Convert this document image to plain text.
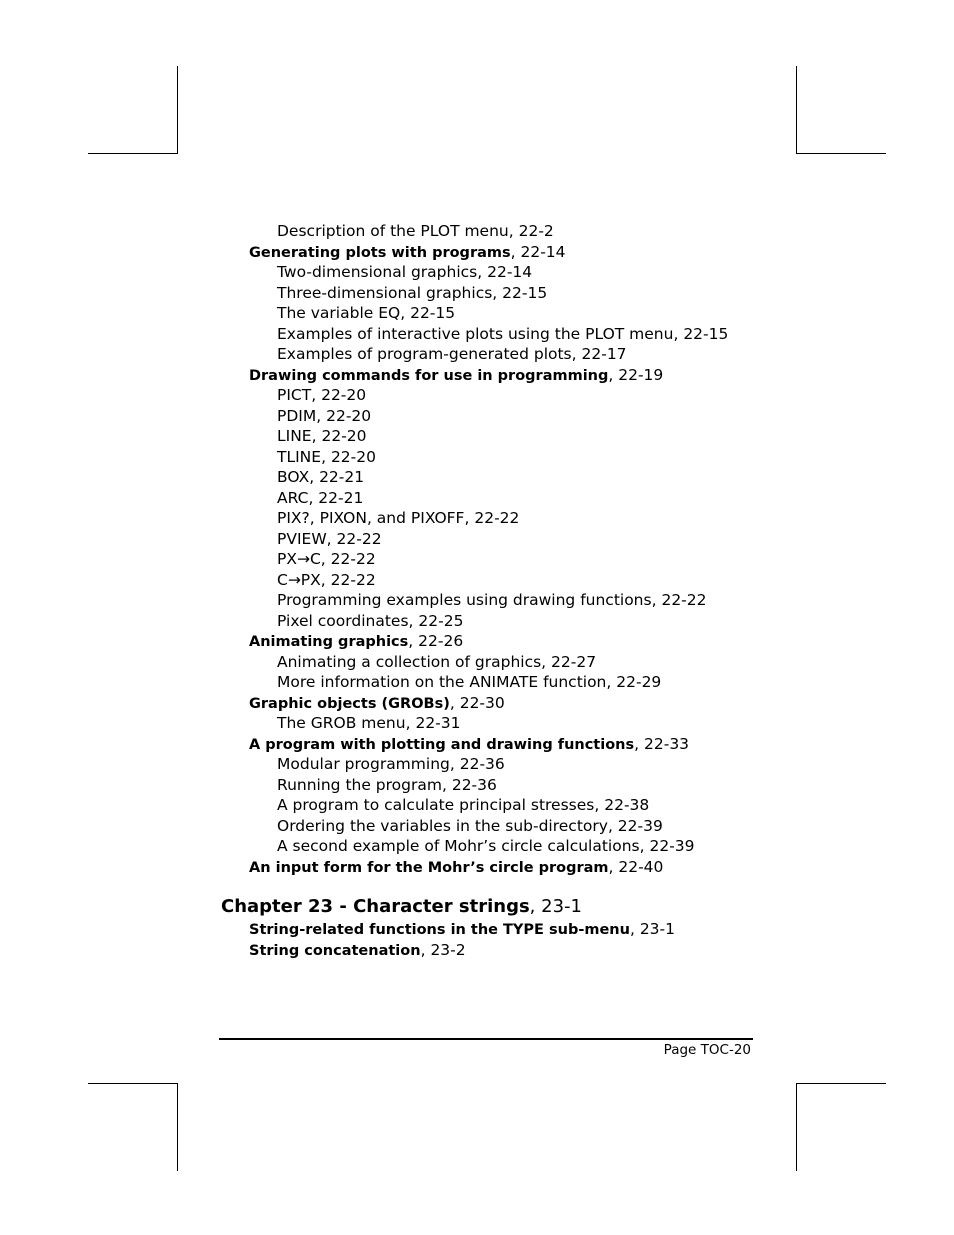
Description of the PLOT menu, 22-2
Generating plots with programs, 22-14
Two-dimensional graphics, 22-14
Three-dimensional graphics, 22-15
The variable EQ, 22-15
Examples of interactive plots using the PLOT menu, 22-15
Examples of program-generated plots, 22-17
Drawing commands for use in programming, 22-19
PICT, 22-20
PDIM, 22-20
LINE, 22-20
TLINE, 22-20
BOX, 22-21
ARC, 22-21
PIX?, PIXON, and PIXOFF, 22-22
PVIEW, 22-22
PX→C, 22-22
C→PX, 22-22
Programming examples using drawing functions, 22-22
Pixel coordinates, 22-25
Animating graphics, 22-26
Animating a collection of graphics, 22-27
More information on the ANIMATE function, 22-29
Graphic objects (GROBs), 22-30
The GROB menu, 22-31
A program with plotting and drawing functions, 22-33
Modular programming, 22-36
Running the program, 22-36
A program to calculate principal stresses, 22-38
Ordering the variables in the sub-directory, 22-39
A second example of Mohr’s circle calculations, 22-39
An input form for the Mohr’s circle program, 22-40
Chapter 23 - Character strings, 23-1
String-related functions in the TYPE sub-menu, 23-1
String concatenation, 23-2
Page TOC-20
